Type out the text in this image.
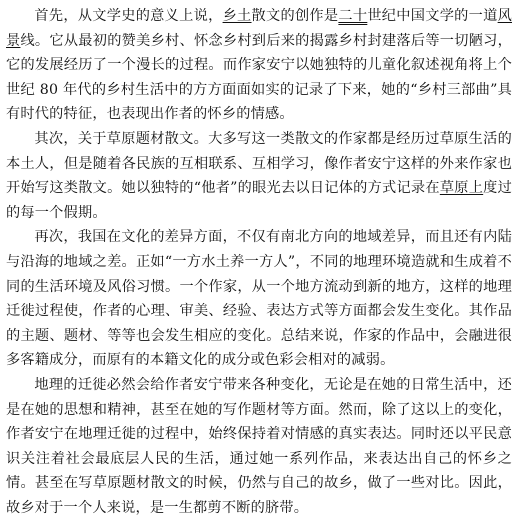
首先，从文学史的意义上说，乡土散文的创作是二十世纪中国文学的一道风景线。它从最初的赞美乡村、怀念乡村到后来的揭露乡村封建落后等一切陋习，它的发展经历了一个漫长的过程。而作家安宁以她独特的儿童化叙述视角将上个世纪 80 年代的乡村生活中的方方面面如实的记录了下来，她的“乡村三部曲”具有时代的特征，也表现出作者的怀乡的情感。

其次，关于草原题材散文。大多写这一类散文的作家都是经历过草原生活的本土人，但是随着各民族的互相联系、互相学习，像作者安宁这样的外来作家也开始写这类散文。她以独特的“他者”的眼光去以日记体的方式记录在草原上度过的每一个假期。

再次，我国在文化的差异方面，不仅有南北方向的地域差异，而且还有内陆与沿海的地域之差。正如“一方水土养一方人”，不同的地理环境造就和生成着不同的生活环境及风俗习惯。一个作家，从一个地方流动到新的地方，这样的地理迁徙过程使，作者的心理、审美、经验、表达方式等方面都会发生变化。其作品的主题、题材、等等也会发生相应的变化。总结来说，作家的作品中，会融进很多客籍成分，而原有的本籍文化的成分或色彩会相对的减弱。

地理的迁徙必然会给作者安宁带来各种变化，无论是在她的日常生活中，还是在她的思想和精神，甚至在她的写作题材等方面。然而，除了这以上的变化，作者安宁在地理迁徙的过程中，始终保持着对情感的真实表达。同时还以平民意识关注着社会最底层人民的生活，通过她一系列作品，来表达出自己的怀乡之情。甚至在写草原题材散文的时候，仍然与自己的故乡，做了一些对比。因此，故乡对于一个人来说，是一生都剪不断的脐带。
